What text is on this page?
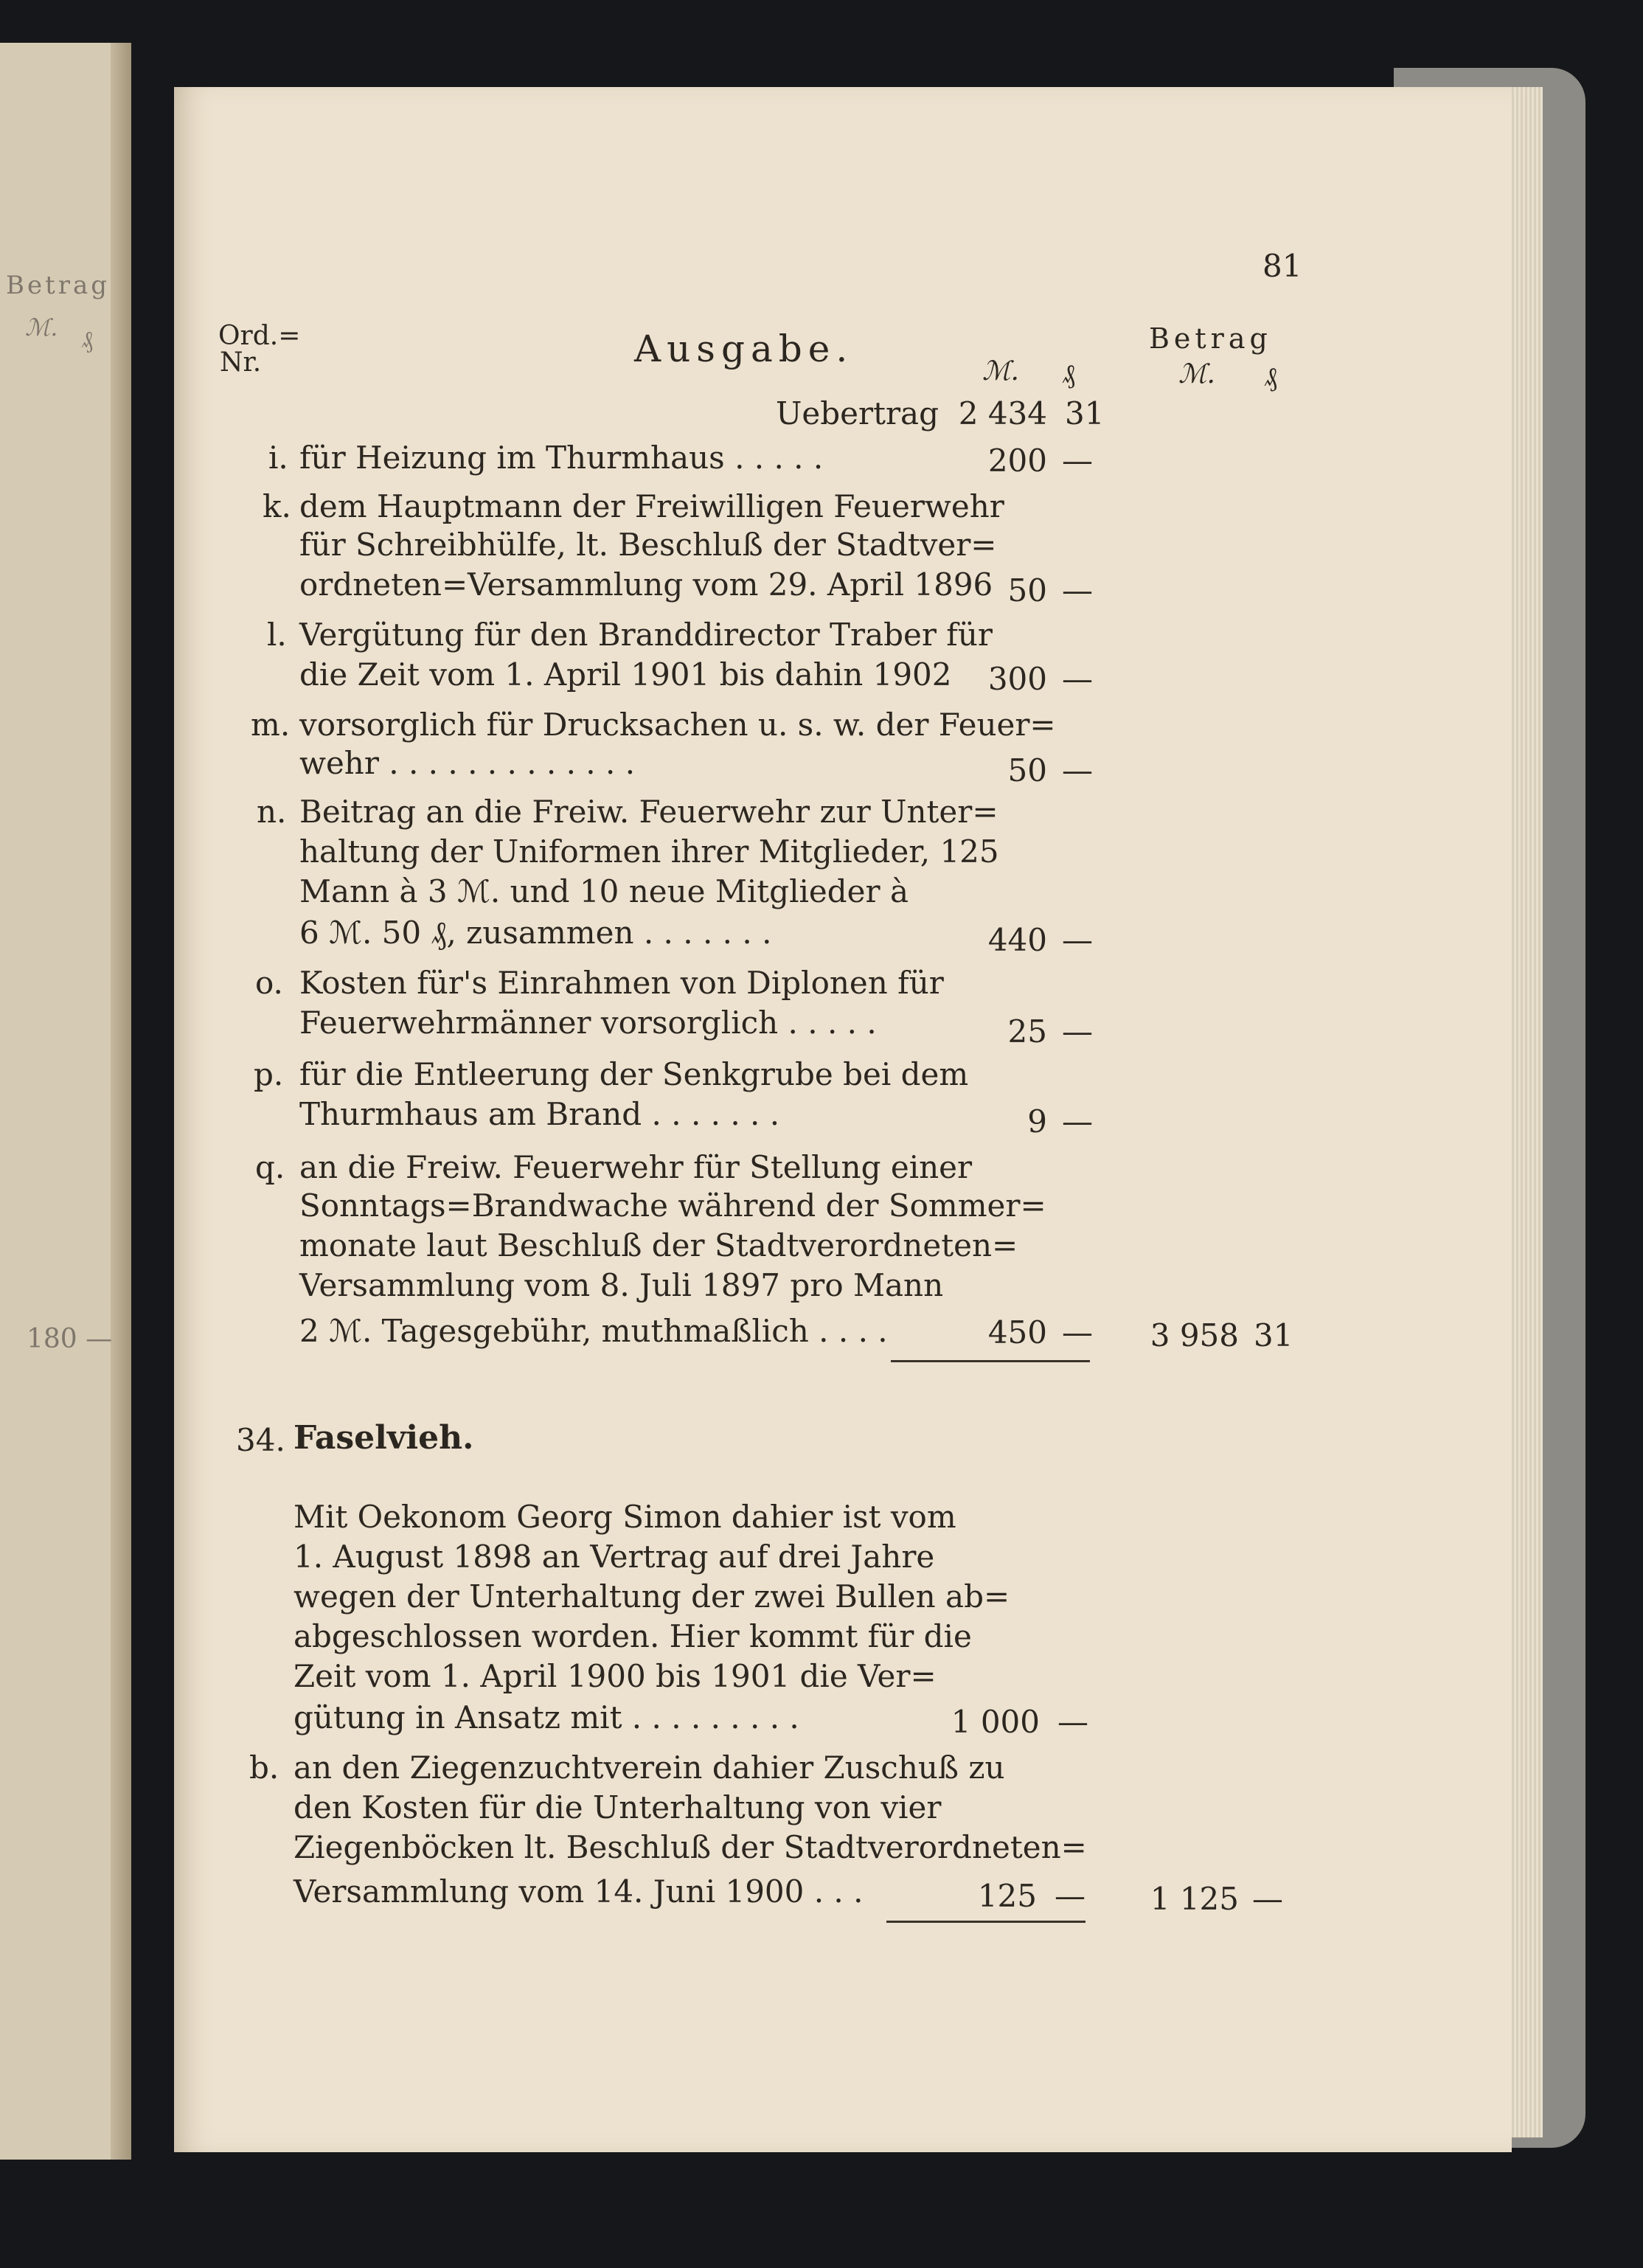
Betrag
ℳ. ₰
180 —
81
Ord.=
Nr.	Ausgabe.
ℳ. ₰
Betrag
ℳ. ₰
Uebertrag 2 434 31
i. für Heizung im Thurmhaus . . . . .	200 —
k. dem Hauptmann der Freiwilligen Feuerwehr
für Schreibhülfe, lt. Beschluß der Stadtver=
ordneten=Versammlung vom 29. April 1896 50 —
l. Vergütung für den Branddirector Traber für
die Zeit vom 1. April 1901 bis dahin 1902	300 —
m. vorsorglich für Drucksachen u. s. w. der Feuer=
wehr . . . . . . . . . . . . .	50 —
n. Beitrag an die Freiw. Feuerwehr zur Unter=
haltung der Uniformen ihrer Mitglieder, 125
Mann à 3 ℳ. und 10 neue Mitglieder à
6 ℳ. 50 ₰, zusammen . . . . . . .	440 —
o. Kosten für's Einrahmen von Diplonen für
Feuerwehrmänner vorsorglich . . . . .	25 —
p. für die Entleerung der Senkgrube bei dem
Thurmhaus am Brand . . . . . . .	9 —
q. an die Freiw. Feuerwehr für Stellung einer
Sonntags=Brandwache während der Sommer=
monate laut Beschluß der Stadtverordneten=
Versammlung vom 8. Juli 1897 pro Mann
2 ℳ. Tagesgebühr, muthmaßlich . . . .	450 —	3 958 31
34. Faselvieh.
Mit Oekonom Georg Simon dahier ist vom
1. August 1898 an Vertrag auf drei Jahre
wegen der Unterhaltung der zwei Bullen ab=
abgeschlossen worden. Hier kommt für die
Zeit vom 1. April 1900 bis 1901 die Ver=
gütung in Ansatz mit . . . . . . . . .	1 000 —
b. an den Ziegenzuchtverein dahier Zuschuß zu
den Kosten für die Unterhaltung von vier
Ziegenböcken lt. Beschluß der Stadtverordneten=
Versammlung vom 14. Juni 1900 . . .	125 —	1 125 —
